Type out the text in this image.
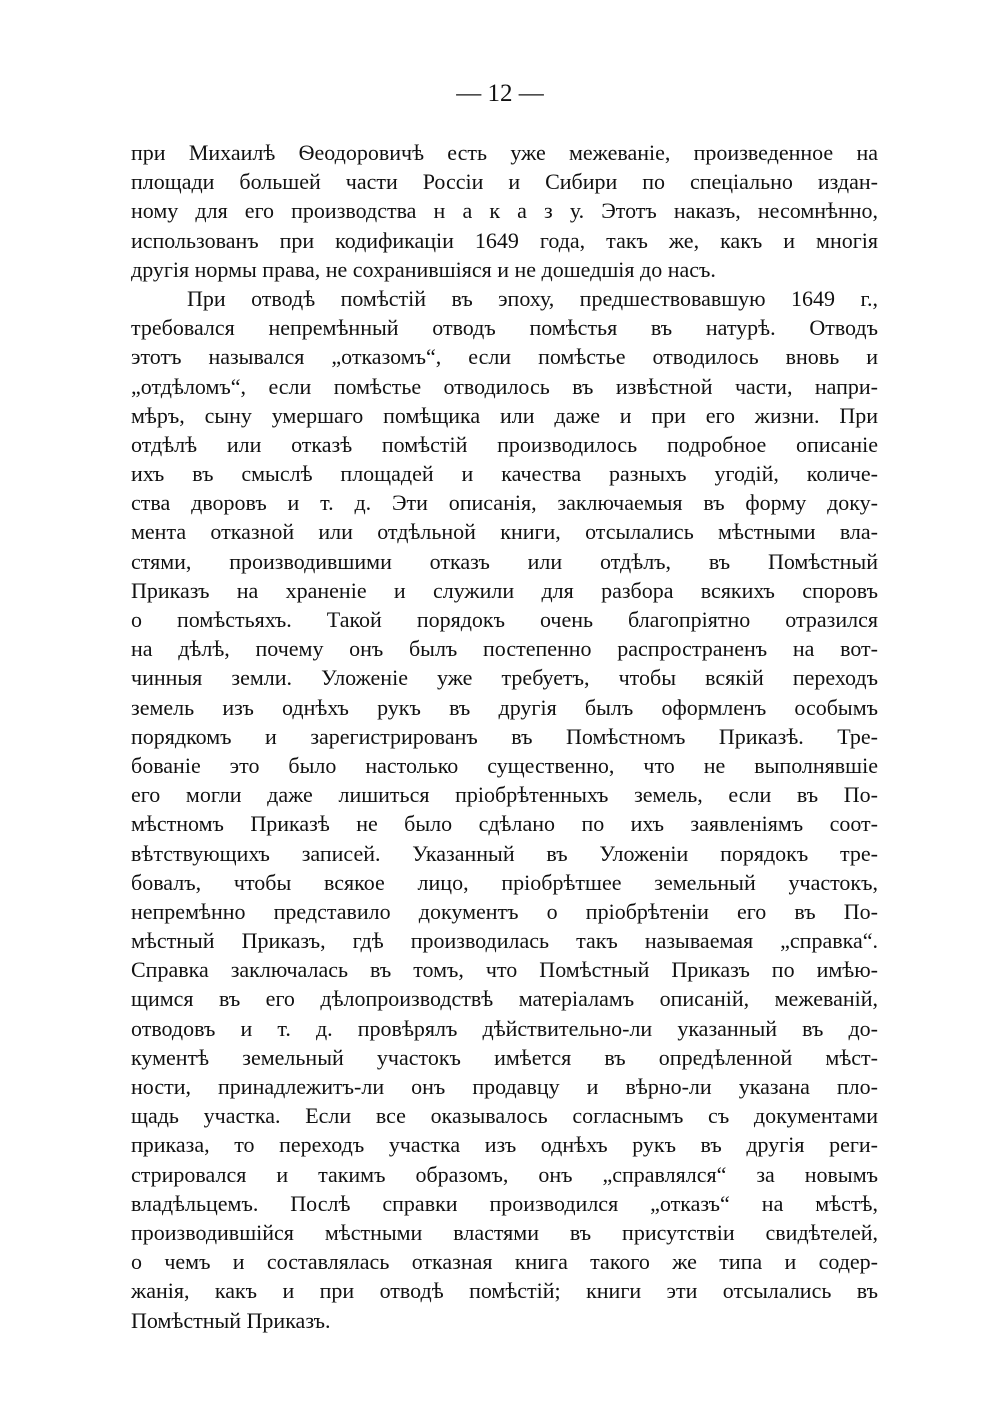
— 12 —
при Михаилѣ Ѳеодоровичѣ есть уже межеваніе, произведенное на
площади большей части Россіи и Сибири по спеціально издан-
ному для его производства н а к а з у. Этотъ наказъ, несомнѣнно,
использованъ при кодификаціи 1649 года, такъ же, какъ и многія
другія нормы права, не сохранившіяся и не дошедшія до насъ.
При отводѣ помѣстій въ эпоху, предшествовавшую 1649 г.,
требовался непремѣнный отводъ помѣстья въ натурѣ. Отводъ
этотъ назывался „отказомъ“, если помѣстье отводилось вновь и
„отдѣломъ“, если помѣстье отводилось въ извѣстной части, напри-
мѣръ, сыну умершаго помѣщика или даже и при его жизни. При
отдѣлѣ или отказѣ помѣстій производилось подробное описаніе
ихъ въ смыслѣ площадей и качества разныхъ угодій, количе-
ства дворовъ и т. д. Эти описанія, заключаемыя въ форму доку-
мента отказной или отдѣльной книги, отсылались мѣстными вла-
стями, производившими отказъ или отдѣлъ, въ Помѣстный
Приказъ на храненіе и служили для разбора всякихъ споровъ
о помѣстьяхъ. Такой порядокъ очень благопріятно отразился
на дѣлѣ, почему онъ былъ постепенно распространенъ на вот-
чинныя земли. Уложеніе уже требуетъ, чтобы всякій переходъ
земель изъ однѣхъ рукъ въ другія былъ оформленъ особымъ
порядкомъ и зарегистрированъ въ Помѣстномъ Приказѣ. Тре-
бованіе это было настолько существенно, что не выполнявшіе
его могли даже лишиться пріобрѣтенныхъ земель, если въ По-
мѣстномъ Приказѣ не было сдѣлано по ихъ заявленіямъ соот-
вѣтствующихъ записей. Указанный въ Уложеніи порядокъ тре-
бовалъ, чтобы всякое лицо, пріобрѣтшее земельный участокъ,
непремѣнно представило документъ о пріобрѣтеніи его въ По-
мѣстный Приказъ, гдѣ производилась такъ называемая „справка“.
Справка заключалась въ томъ, что Помѣстный Приказъ по имѣю-
щимся въ его дѣлопроизводствѣ матеріаламъ описаній, межеваній,
отводовъ и т. д. провѣрялъ дѣйствительно-ли указанный въ до-
кументѣ земельный участокъ имѣется въ опредѣленной мѣст-
ности, принадлежитъ-ли онъ продавцу и вѣрно-ли указана пло-
щадь участка. Если все оказывалось согласнымъ съ документами
приказа, то переходъ участка изъ однѣхъ рукъ въ другія реги-
стрировался и такимъ образомъ, онъ „справлялся“ за новымъ
владѣльцемъ. Послѣ справки производился „отказъ“ на мѣстѣ,
производившійся мѣстными властями въ присутствіи свидѣтелей,
о чемъ и составлялась отказная книга такого же типа и содер-
жанія, какъ и при отводѣ помѣстій; книги эти отсылались въ
Помѣстный Приказъ.
